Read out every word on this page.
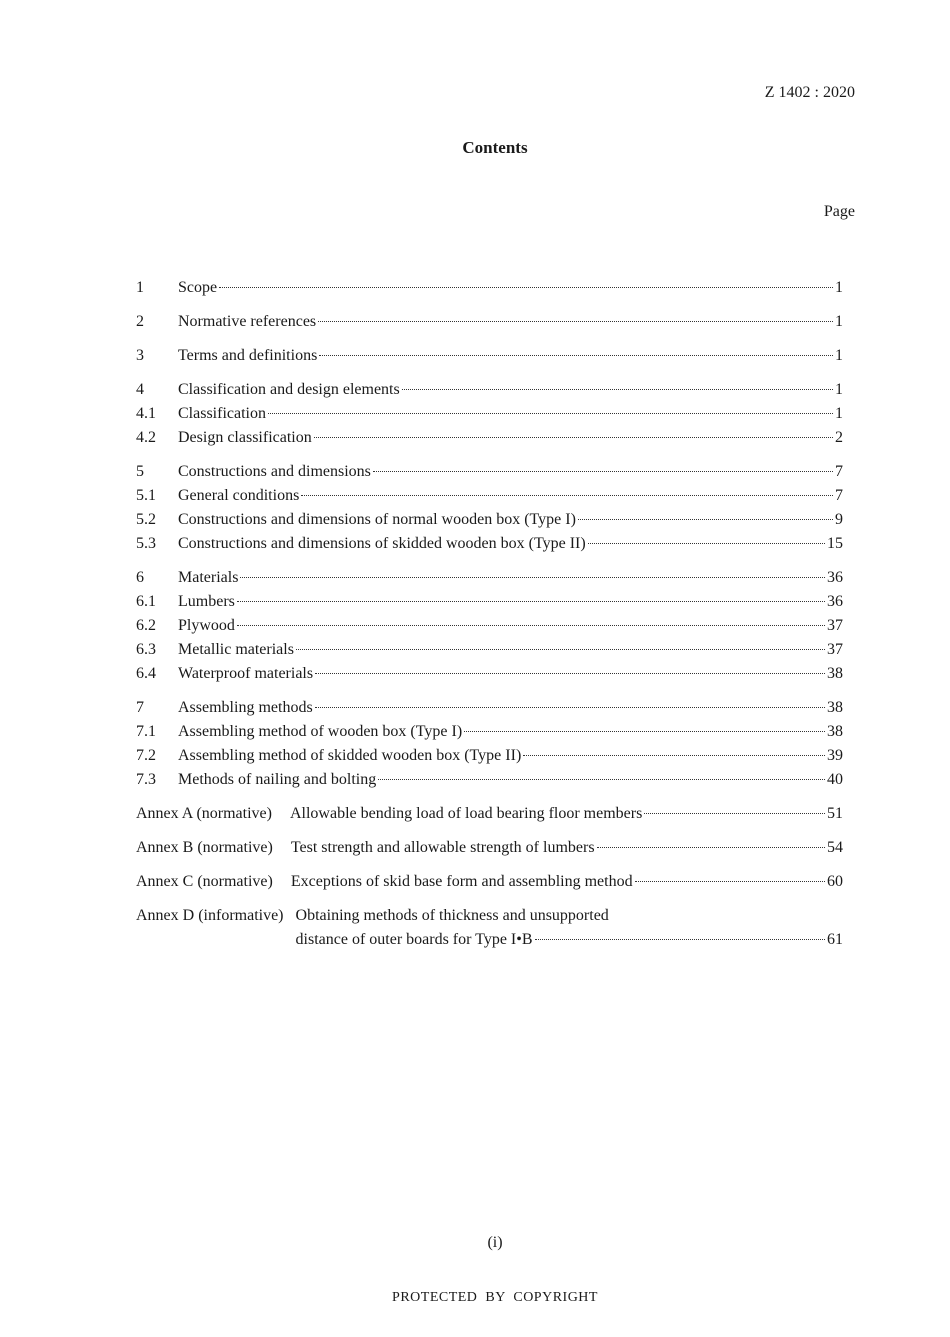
Z 1402 : 2020
Contents
Page
1	Scope	1
2	Normative references	1
3	Terms and definitions	1
4	Classification and design elements	1
4.1	Classification	1
4.2	Design classification	2
5	Constructions and dimensions	7
5.1	General conditions	7
5.2	Constructions and dimensions of normal wooden box (Type I)	9
5.3	Constructions and dimensions of skidded wooden box (Type II)	15
6	Materials	36
6.1	Lumbers	36
6.2	Plywood	37
6.3	Metallic materials	37
6.4	Waterproof materials	38
7	Assembling methods	38
7.1	Assembling method of wooden box (Type I)	38
7.2	Assembling method of skidded wooden box (Type II)	39
7.3	Methods of nailing and bolting	40
Annex A (normative) Allowable bending load of load bearing floor members	51
Annex B (normative) Test strength and allowable strength of lumbers	54
Annex C (normative) Exceptions of skid base form and assembling method	60
Annex D (informative) Obtaining methods of thickness and unsupported
distance of outer boards for Type I•B	61
(i)
PROTECTED BY COPYRIGHT
